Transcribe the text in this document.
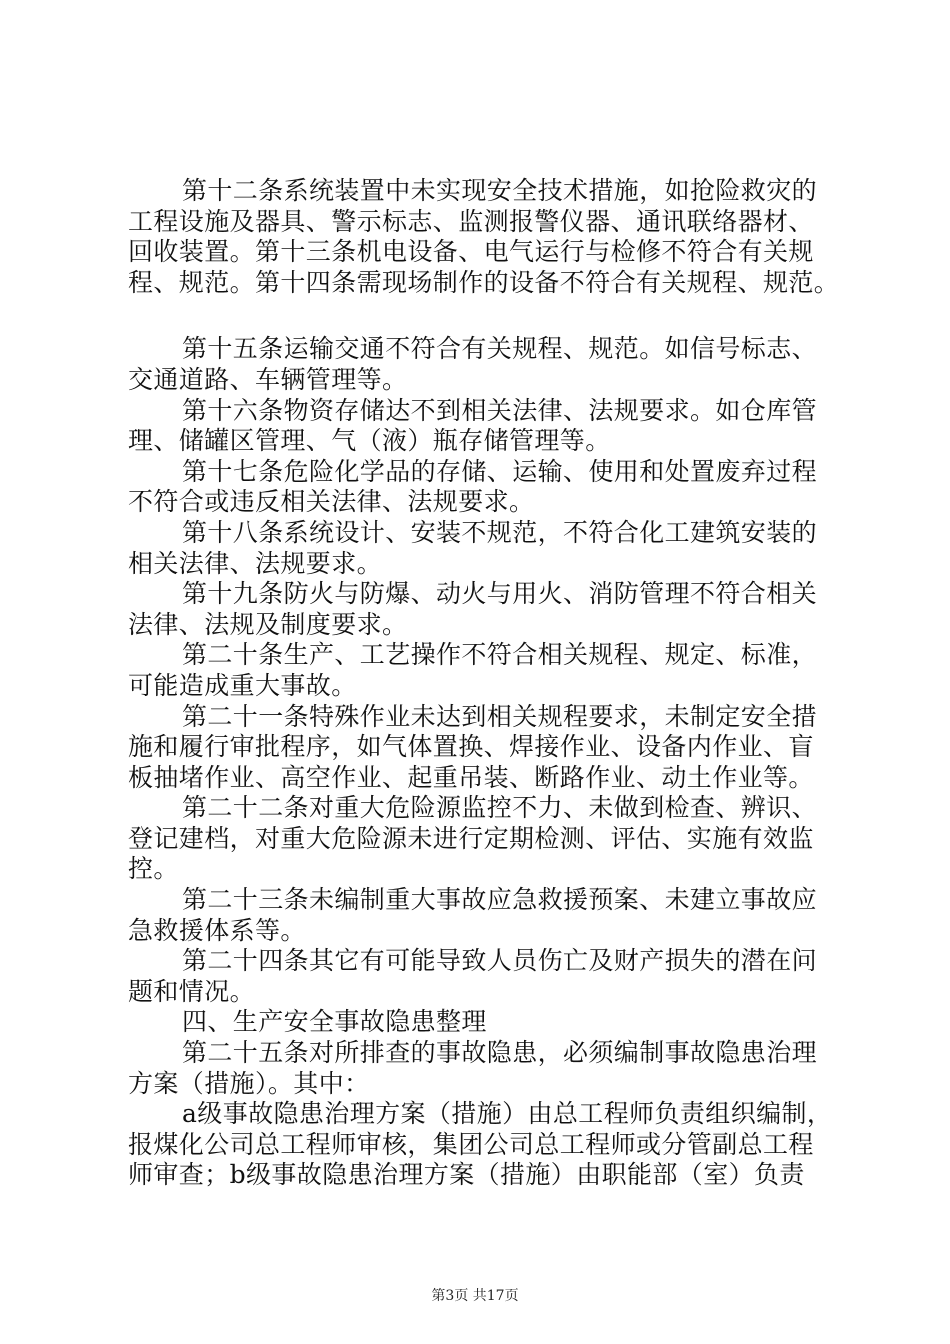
第十二条系统装置中未实现安全技术措施，如抢险救灾的
工程设施及器具、警示标志、监测报警仪器、通讯联络器材、
回收装置。第十三条机电设备、电气运行与检修不符合有关规
程、规范。第十四条需现场制作的设备不符合有关规程、规范。
第十五条运输交通不符合有关规程、规范。如信号标志、
交通道路、车辆管理等。
第十六条物资存储达不到相关法律、法规要求。如仓库管
理、储罐区管理、气（液）瓶存储管理等。
第十七条危险化学品的存储、运输、使用和处置废弃过程
不符合或违反相关法律、法规要求。
第十八条系统设计、安装不规范，不符合化工建筑安装的
相关法律、法规要求。
第十九条防火与防爆、动火与用火、消防管理不符合相关
法律、法规及制度要求。
第二十条生产、工艺操作不符合相关规程、规定、标准，
可能造成重大事故。
第二十一条特殊作业未达到相关规程要求，未制定安全措
施和履行审批程序，如气体置换、焊接作业、设备内作业、盲
板抽堵作业、高空作业、起重吊装、断路作业、动土作业等。
第二十二条对重大危险源监控不力、未做到检查、辨识、
登记建档，对重大危险源未进行定期检测、评估、实施有效监
控。
第二十三条未编制重大事故应急救援预案、未建立事故应
急救援体系等。
第二十四条其它有可能导致人员伤亡及财产损失的潜在问
题和情况。
四、生产安全事故隐患整理
第二十五条对所排查的事故隐患，必须编制事故隐患治理
方案（措施）。其中：
a级事故隐患治理方案（措施）由总工程师负责组织编制，
报煤化公司总工程师审核，集团公司总工程师或分管副总工程
师审查；b级事故隐患治理方案（措施）由职能部（室）负责
第3页 共17页
